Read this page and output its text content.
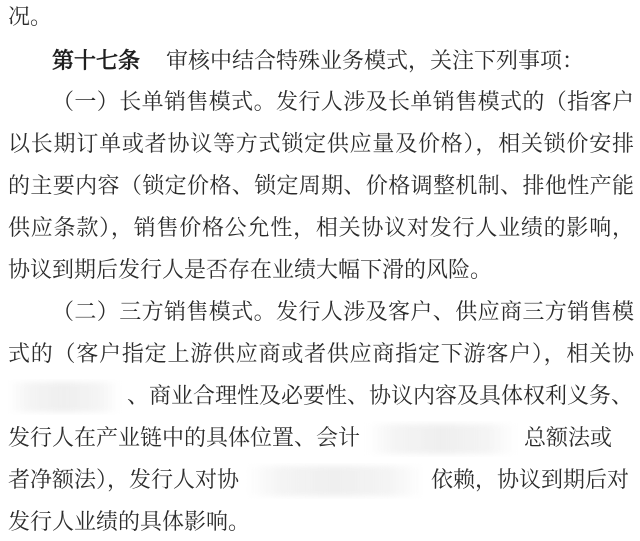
况。
第十七条 审核中结合特殊业务模式，关注下列事项：
（一）长单销售模式。发行人涉及长单销售模式的（指客户
以长期订单或者协议等方式锁定供应量及价格），相关锁价安排
的主要内容（锁定价格、锁定周期、价格调整机制、排他性产能
供应条款），销售价格公允性，相关协议对发行人业绩的影响，
协议到期后发行人是否存在业绩大幅下滑的风险。
（二）三方销售模式。发行人涉及客户、供应商三方销售模
式的（客户指定上游供应商或者供应商指定下游客户），相关协
、商业合理性及必要性、协议内容及具体权利义务、
发行人在产业链中的具体位置、会计	总额法或
者净额法），发行人对协	依赖，协议到期后对
发行人业绩的具体影响。
